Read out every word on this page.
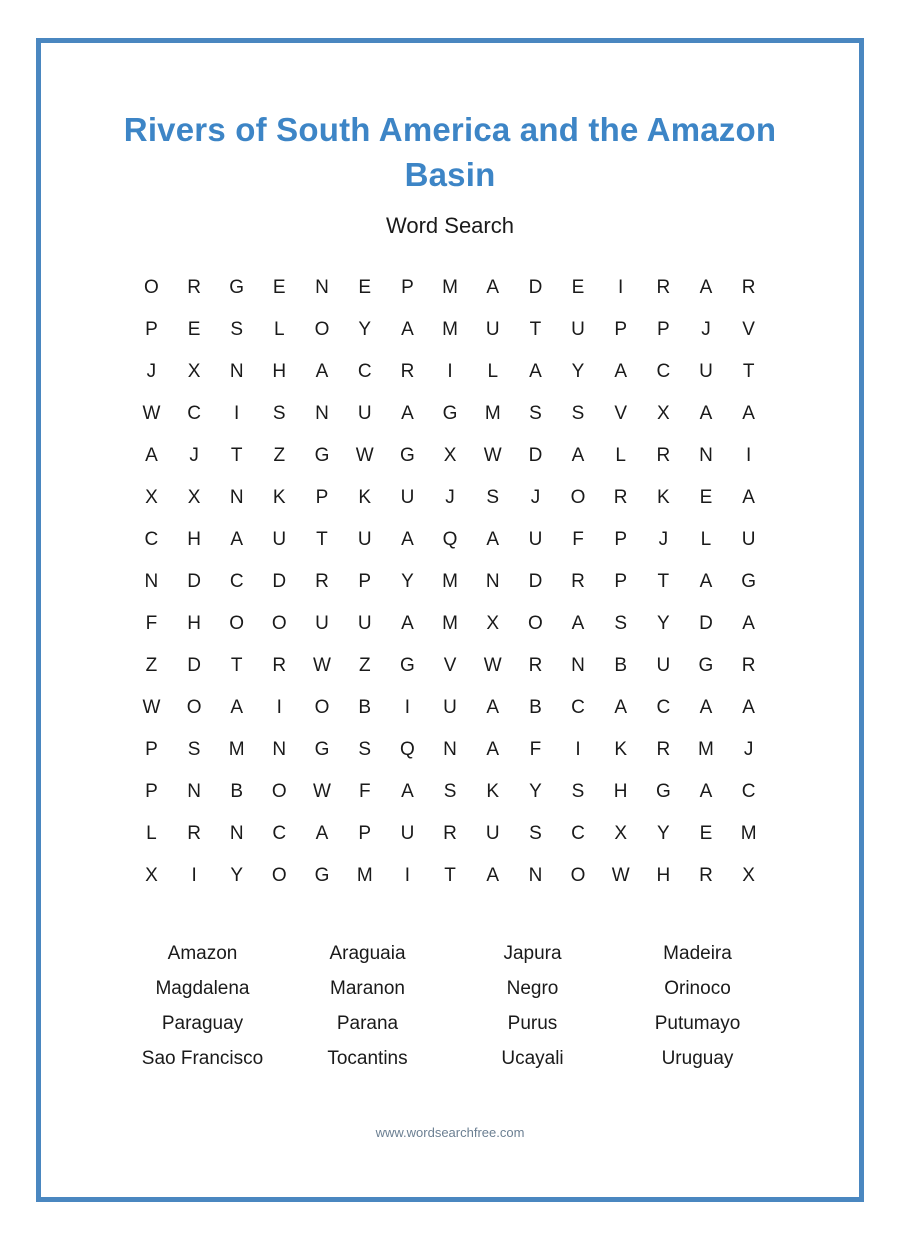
Rivers of South America and the Amazon Basin
Word Search
O	R	G	E	N	E	P	M	A	D	E	I	R	A	R
P	E	S	L	O	Y	A	M	U	T	U	P	P	J	V
J	X	N	H	A	C	R	I	L	A	Y	A	C	U	T
W	C	I	S	N	U	A	G	M	S	S	V	X	A	A
A	J	T	Z	G	W	G	X	W	D	A	L	R	N	I
X	X	N	K	P	K	U	J	S	J	O	R	K	E	A
C	H	A	U	T	U	A	Q	A	U	F	P	J	L	U
N	D	C	D	R	P	Y	M	N	D	R	P	T	A	G
F	H	O	O	U	U	A	M	X	O	A	S	Y	D	A
Z	D	T	R	W	Z	G	V	W	R	N	B	U	G	R
W	O	A	I	O	B	I	U	A	B	C	A	C	A	A
P	S	M	N	G	S	Q	N	A	F	I	K	R	M	J
P	N	B	O	W	F	A	S	K	Y	S	H	G	A	C
L	R	N	C	A	P	U	R	U	S	C	X	Y	E	M
X	I	Y	O	G	M	I	T	A	N	O	W	H	R	X
Amazon	Araguaia	Japura	Madeira
Magdalena	Maranon	Negro	Orinoco
Paraguay	Parana	Purus	Putumayo
Sao Francisco	Tocantins	Ucayali	Uruguay
www.wordsearchfree.com
